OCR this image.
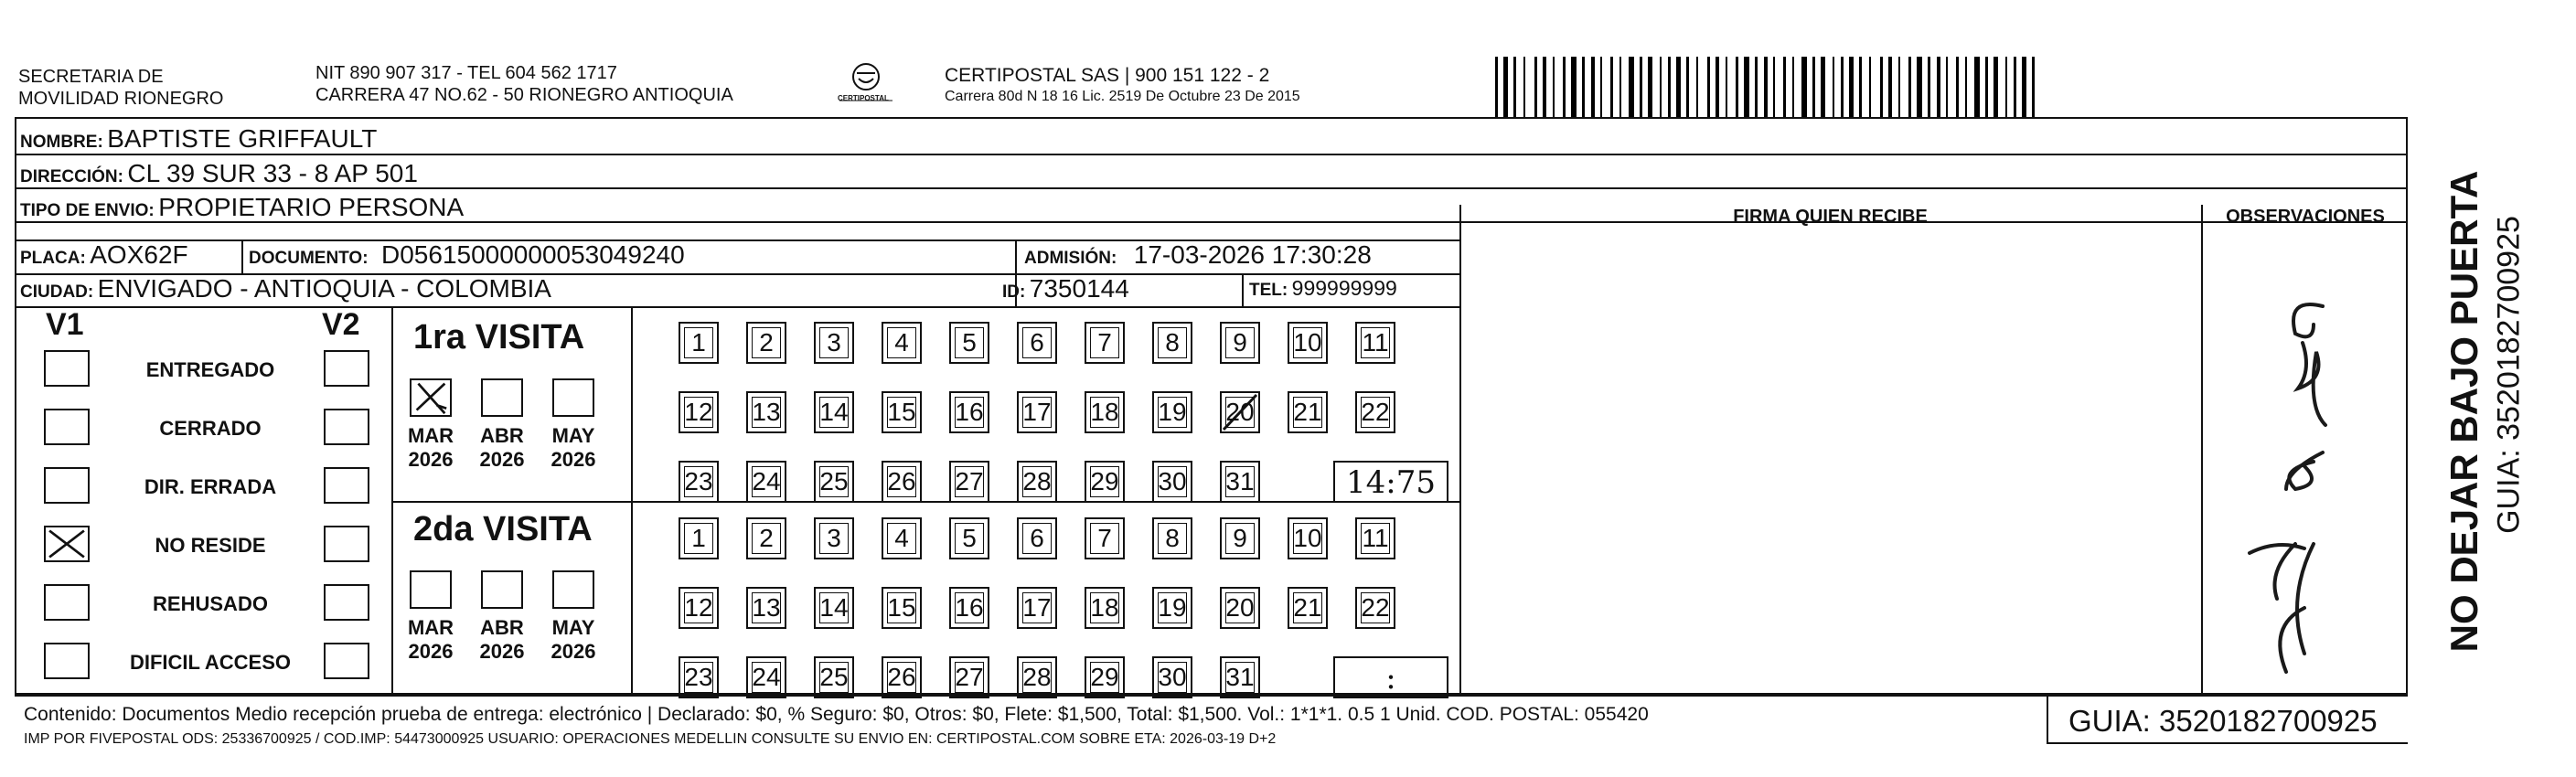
SECRETARIA DE
MOVILIDAD RIONEGRO
NIT 890 907 317 - TEL 604 562 1717
CARRERA 47 NO.62 - 50 RIONEGRO ANTIOQUIA	CERTIPOSTAL
CERTIPOSTAL SAS | 900 151 122 - 2
Carrera 80d N 18 16 Lic. 2519 De Octubre 23 De 2015
NOMBRE: BAPTISTE GRIFFAULT
DIRECCIÓN: CL 39 SUR 33 - 8 AP 501
TIPO DE ENVIO: PROPIETARIO PERSONA
PLACA: AOX62F	DOCUMENTO: D05615000000053049240	ADMISIÓN: 17-03-2026 17:30:28
CIUDAD: ENVIGADO - ANTIOQUIA - COLOMBIA	ID: 7350144	TEL: 999999999
FIRMA QUIEN RECIBE	OBSERVACIONES
V1	V2
ENTREGADO
CERRADO
DIR. ERRADA
NO RESIDE
REHUSADO
DIFICIL ACCESO
1ra VISITA
MAR
2026
ABR
2026
MAY
2026
1	2	3	4	5	6	7	8	9	10 11
12 13 14 15 16 17 18 19 20 21 22
23 24 25 26 27 28 29 30 31	14:75
2da VISITA
MAR
2026
ABR
2026
MAY
2026
1	2	3	4	5	6	7	8	9	10 11
12 13 14 15 16 17 18 19 20 21 22
23 24 25 26 27 28 29 30 31	:
Contenido: Documentos Medio recepción prueba de entrega: electrónico | Declarado: $0, % Seguro: $0, Otros: $0, Flete: $1,500, Total: $1,500. Vol.: 1*1*1. 0.5 1 Unid. COD. POSTAL: 055420
IMP POR FIVEPOSTAL ODS: 25336700925 / COD.IMP: 54473000925 USUARIO: OPERACIONES MEDELLIN CONSULTE SU ENVIO EN: CERTIPOSTAL.COM SOBRE ETA: 2026-03-19 D+2
GUIA: 3520182700925
NO DEJAR BAJO PUERTA GUIA: 3520182700925
